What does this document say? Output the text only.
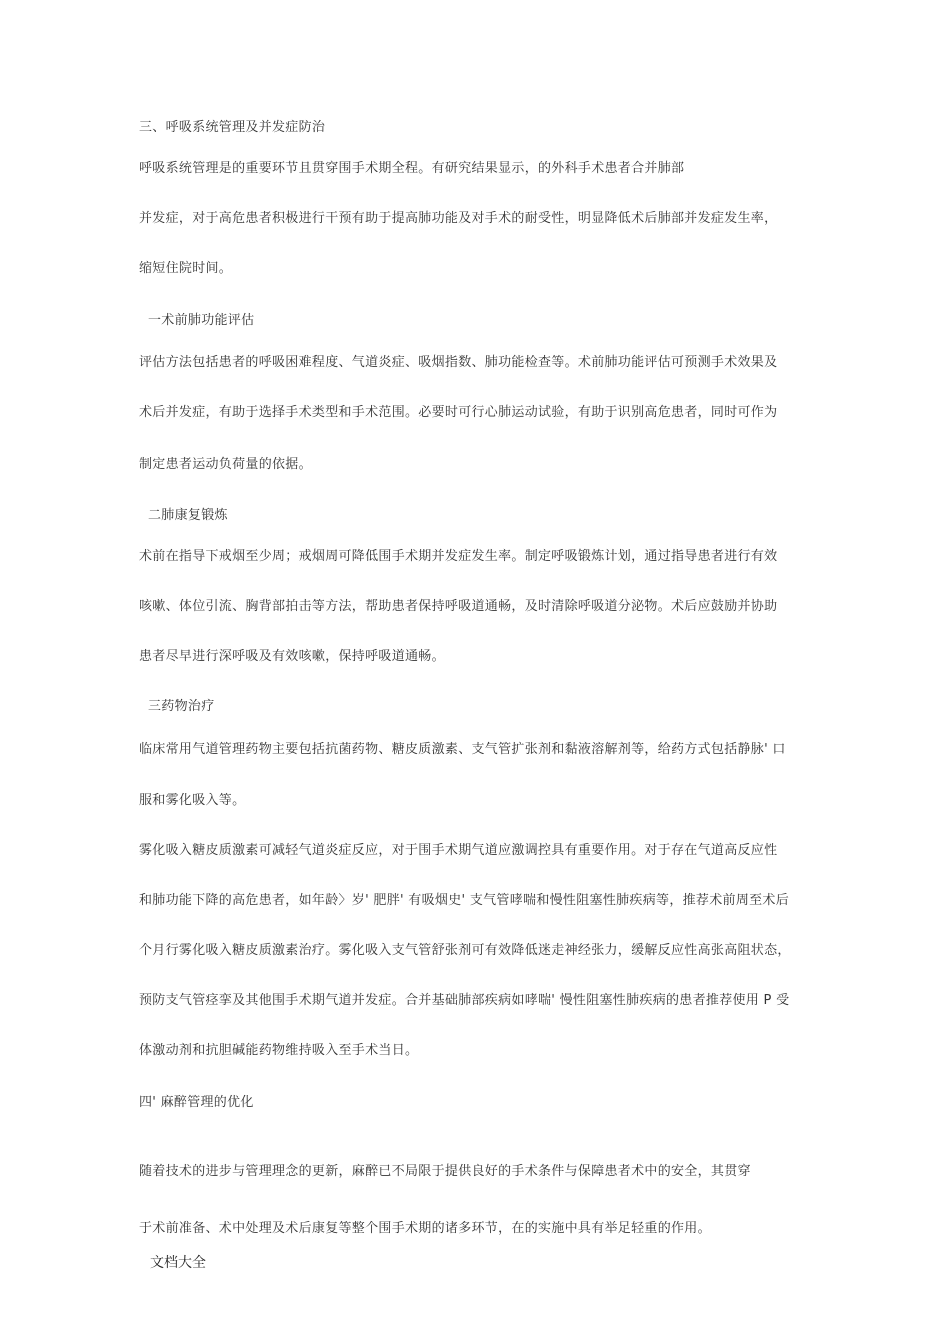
三、呼吸系统管理及并发症防治
呼吸系统管理是的重要环节且贯穿围手术期全程。有研究结果显示，的外科手术患者合并肺部
并发症，对于高危患者积极进行干预有助于提高肺功能及对手术的耐受性，明显降低术后肺部并发症发生率，
缩短住院时间。
一术前肺功能评估
评估方法包括患者的呼吸困难程度、气道炎症、吸烟指数、肺功能检查等。术前肺功能评估可预测手术效果及
术后并发症，有助于选择手术类型和手术范围。必要时可行心肺运动试验，有助于识别高危患者，同时可作为
制定患者运动负荷量的依据。
二肺康复锻炼
术前在指导下戒烟至少周；戒烟周可降低围手术期并发症发生率。制定呼吸锻炼计划，通过指导患者进行有效
咳嗽、体位引流、胸背部拍击等方法，帮助患者保持呼吸道通畅，及时清除呼吸道分泌物。术后应鼓励并协助
患者尽早进行深呼吸及有效咳嗽，保持呼吸道通畅。
三药物治疗
临床常用气道管理药物主要包括抗菌药物、糖皮质激素、支气管扩张剂和黏液溶解剂等，给药方式包括静脉' 口
服和雾化吸入等。
雾化吸入糖皮质激素可减轻气道炎症反应，对于围手术期气道应激调控具有重要作用。对于存在气道高反应性
和肺功能下降的高危患者，如年龄〉岁' 肥胖' 有吸烟史' 支气管哮喘和慢性阻塞性肺疾病等，推荐术前周至术后
个月行雾化吸入糖皮质激素治疗。雾化吸入支气管舒张剂可有效降低迷走神经张力，缓解反应性高张高阻状态，
预防支气管痉挛及其他围手术期气道并发症。合并基础肺部疾病如哮喘' 慢性阻塞性肺疾病的患者推荐使用 P 受
体激动剂和抗胆碱能药物维持吸入至手术当日。
四' 麻醉管理的优化
随着技术的进步与管理理念的更新，麻醉已不局限于提供良好的手术条件与保障患者术中的安全，其贯穿
于术前准备、术中处理及术后康复等整个围手术期的诸多环节，在的实施中具有举足轻重的作用。
文档大全
